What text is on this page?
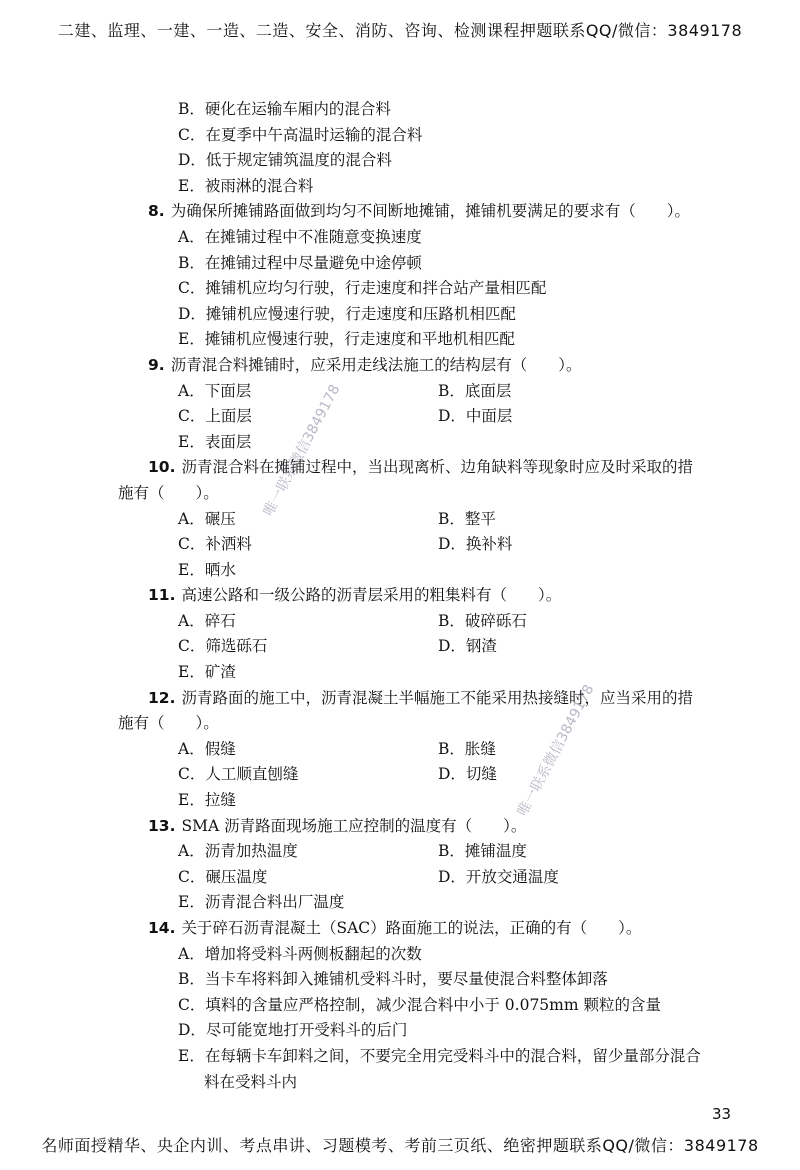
二建、监理、一建、一造、二造、安全、消防、咨询、检测课程押题联系QQ/微信：3849178
唯一联系微信3849178
唯一联系微信3849178
B．硬化在运输车厢内的混合料
C．在夏季中午高温时运输的混合料
D．低于规定铺筑温度的混合料
E．被雨淋的混合料
8. 为确保所摊铺路面做到均匀不间断地摊铺，摊铺机要满足的要求有（　　）。
A．在摊铺过程中不准随意变换速度
B．在摊铺过程中尽量避免中途停顿
C．摊铺机应均匀行驶，行走速度和拌合站产量相匹配
D．摊铺机应慢速行驶，行走速度和压路机相匹配
E．摊铺机应慢速行驶，行走速度和平地机相匹配
9. 沥青混合料摊铺时，应采用走线法施工的结构层有（　　）。
A．下面层	B．底面层
C．上面层	D．中面层
E．表面层
10. 沥青混合料在摊铺过程中，当出现离析、边角缺料等现象时应及时采取的措
施有（　　）。
A．碾压	B．整平
C．补洒料	D．换补料
E．晒水
11. 高速公路和一级公路的沥青层采用的粗集料有（　　）。
A．碎石	B．破碎砾石
C．筛选砾石	D．钢渣
E．矿渣
12. 沥青路面的施工中，沥青混凝土半幅施工不能采用热接缝时，应当采用的措
施有（　　）。
A．假缝	B．胀缝
C．人工顺直刨缝	D．切缝
E．拉缝
13. SMA 沥青路面现场施工应控制的温度有（　　）。
A．沥青加热温度	B．摊铺温度
C．碾压温度	D．开放交通温度
E．沥青混合料出厂温度
14. 关于碎石沥青混凝土（SAC）路面施工的说法，正确的有（　　）。
A．增加将受料斗两侧板翻起的次数
B．当卡车将料卸入摊铺机受料斗时，要尽量使混合料整体卸落
C．填料的含量应严格控制，减少混合料中小于 0.075mm 颗粒的含量
D．尽可能宽地打开受料斗的后门
E．在每辆卡车卸料之间，不要完全用完受料斗中的混合料，留少量部分混合
料在受料斗内
33
名师面授精华、央企内训、考点串讲、习题模考、考前三页纸、绝密押题联系QQ/微信：3849178
